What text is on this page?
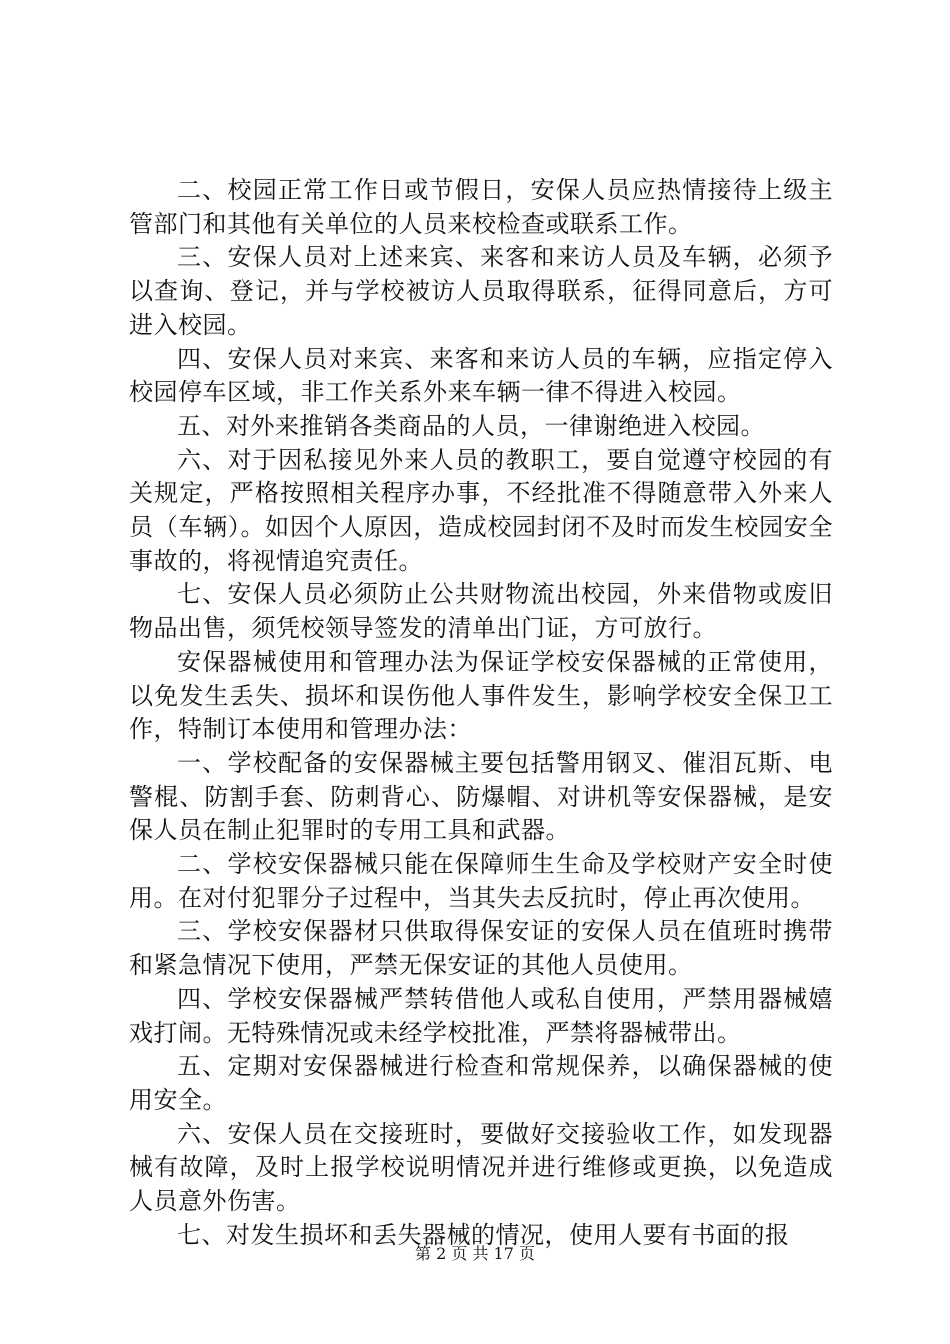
二、校园正常工作日或节假日，安保人员应热情接待上级主管部门和其他有关单位的人员来校检查或联系工作。

三、安保人员对上述来宾、来客和来访人员及车辆，必须予以查询、登记，并与学校被访人员取得联系，征得同意后，方可进入校园。

四、安保人员对来宾、来客和来访人员的车辆，应指定停入校园停车区域，非工作关系外来车辆一律不得进入校园。

五、对外来推销各类商品的人员，一律谢绝进入校园。

六、对于因私接见外来人员的教职工，要自觉遵守校园的有关规定，严格按照相关程序办事，不经批准不得随意带入外来人员（车辆）。如因个人原因，造成校园封闭不及时而发生校园安全事故的，将视情追究责任。

七、安保人员必须防止公共财物流出校园，外来借物或废旧物品出售，须凭校领导签发的清单出门证，方可放行。

安保器械使用和管理办法为保证学校安保器械的正常使用，以免发生丢失、损坏和误伤他人事件发生，影响学校安全保卫工作，特制订本使用和管理办法：

一、学校配备的安保器械主要包括警用钢叉、催泪瓦斯、电警棍、防割手套、防刺背心、防爆帽、对讲机等安保器械，是安保人员在制止犯罪时的专用工具和武器。

二、学校安保器械只能在保障师生生命及学校财产安全时使用。在对付犯罪分子过程中，当其失去反抗时，停止再次使用。

三、学校安保器材只供取得保安证的安保人员在值班时携带和紧急情况下使用，严禁无保安证的其他人员使用。

四、学校安保器械严禁转借他人或私自使用，严禁用器械嬉戏打闹。无特殊情况或未经学校批准，严禁将器械带出。

五、定期对安保器械进行检查和常规保养，以确保器械的使用安全。

六、安保人员在交接班时，要做好交接验收工作，如发现器械有故障，及时上报学校说明情况并进行维修或更换，以免造成人员意外伤害。

七、对发生损坏和丢失器械的情况，使用人要有书面的报

第 2 页 共 17 页
